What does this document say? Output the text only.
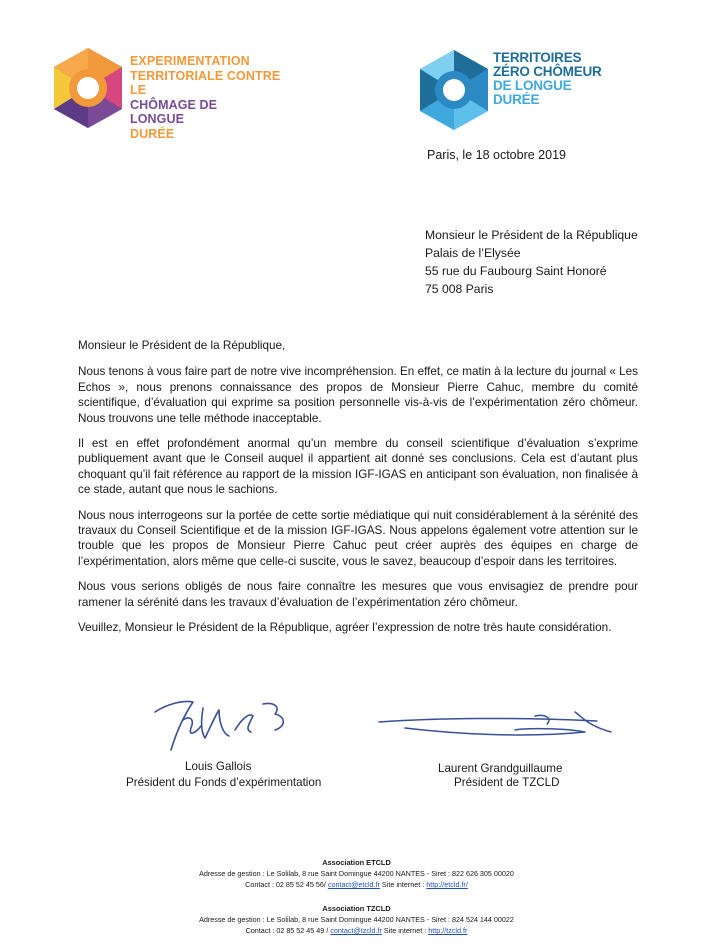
EXPERIMENTATION
TERRITORIALE CONTRE LE
CHÔMAGE DE
LONGUE
DURÉE
TERRITOIRES
ZÉRO CHÔMEUR
DE LONGUE
DURÉE
Paris, le 18 octobre 2019
Monsieur le Président de la République
Palais de l’Elysée
55 rue du Faubourg Saint Honoré
75 008 Paris

Monsieur le Président de la République,

Nous tenons à vous faire part de notre vive incompréhension. En effet, ce matin à la lecture du journal « Les Echos », nous prenons connaissance des propos de Monsieur Pierre Cahuc, membre du comité scientifique, d’évaluation qui exprime sa position personnelle vis-à-vis de l’expérimentation zéro chômeur. Nous trouvons une telle méthode inacceptable.

Il est en effet profondément anormal qu’un membre du conseil scientifique d’évaluation s’exprime publiquement avant que le Conseil auquel il appartient ait donné ses conclusions. Cela est d’autant plus choquant qu’il fait référence au rapport de la mission IGF-IGAS en anticipant son évaluation, non finalisée à ce stade, autant que nous le sachions.

Nous nous interrogeons sur la portée de cette sortie médiatique qui nuit considérablement à la sérénité des travaux du Conseil Scientifique et de la mission IGF-IGAS. Nous appelons également votre attention sur le trouble que les propos de Monsieur Pierre Cahuc peut créer auprès des équipes en charge de l’expérimentation, alors même que celle-ci suscite, vous le savez, beaucoup d’espoir dans les territoires.

Nous vous serions obligés de nous faire connaître les mesures que vous envisagiez de prendre pour ramener la sérénité dans les travaux d’évaluation de l’expérimentation zéro chômeur.

Veuillez, Monsieur le Président de la République, agréer l’expression de notre très haute considération.

Louis Gallois
Président du Fonds d’expérimentation
Laurent Grandguillaume
Président de TZCLD
Association ETCLD
Adresse de gestion : Le Solilab, 8 rue Saint Domingue 44200 NANTES - Siret : 822 626 305 00020
Contact : 02 85 52 45 56/ contact@etcld.fr Site internet : http://etcld.fr/
Association TZCLD
Adresse de gestion : Le Solilab, 8 rue Saint Domingue 44200 NANTES - Siret : 824 524 144 00022
Contact : 02 85 52 45 49 / contact@tzcld.fr Site internet : http://tzcld.fr
